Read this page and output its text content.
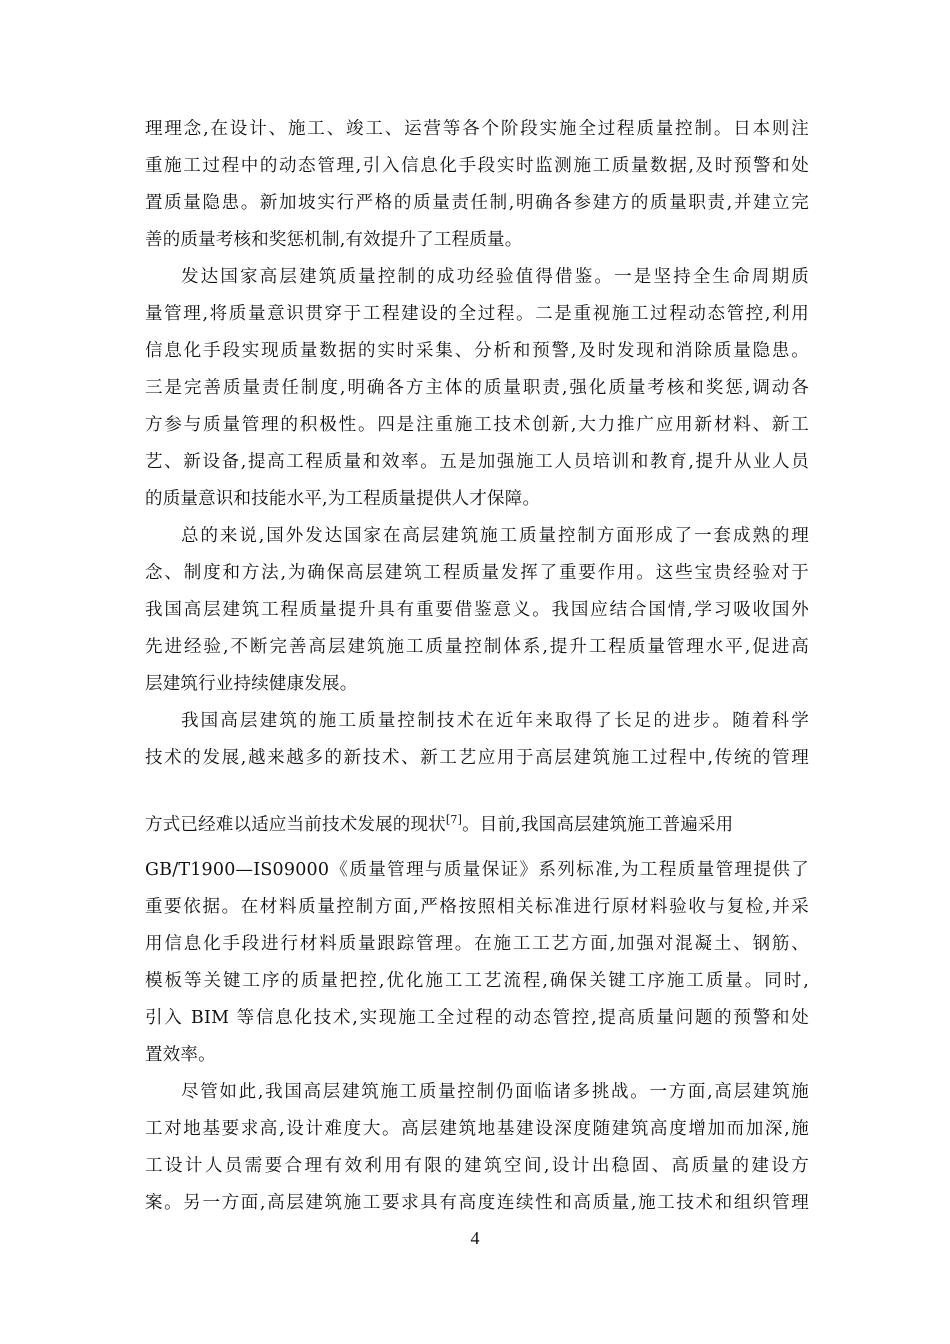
理理念,在设计、施工、竣工、运营等各个阶段实施全过程质量控制。日本则注
重施工过程中的动态管理,引入信息化手段实时监测施工质量数据,及时预警和处
置质量隐患。新加坡实行严格的质量责任制,明确各参建方的质量职责,并建立完
善的质量考核和奖惩机制,有效提升了工程质量。
发达国家高层建筑质量控制的成功经验值得借鉴。一是坚持全生命周期质
量管理,将质量意识贯穿于工程建设的全过程。二是重视施工过程动态管控,利用
信息化手段实现质量数据的实时采集、分析和预警,及时发现和消除质量隐患。
三是完善质量责任制度,明确各方主体的质量职责,强化质量考核和奖惩,调动各
方参与质量管理的积极性。四是注重施工技术创新,大力推广应用新材料、新工
艺、新设备,提高工程质量和效率。五是加强施工人员培训和教育,提升从业人员
的质量意识和技能水平,为工程质量提供人才保障。
总的来说,国外发达国家在高层建筑施工质量控制方面形成了一套成熟的理
念、制度和方法,为确保高层建筑工程质量发挥了重要作用。这些宝贵经验对于
我国高层建筑工程质量提升具有重要借鉴意义。我国应结合国情,学习吸收国外
先进经验,不断完善高层建筑施工质量控制体系,提升工程质量管理水平,促进高
层建筑行业持续健康发展。
我国高层建筑的施工质量控制技术在近年来取得了长足的进步。随着科学
技术的发展,越来越多的新技术、新工艺应用于高层建筑施工过程中,传统的管理
方式已经难以适应当前技术发展的现状[7]。目前,我国高层建筑施工普遍采用
GB/T1900—IS09000《质量管理与质量保证》系列标准,为工程质量管理提供了
重要依据。在材料质量控制方面,严格按照相关标准进行原材料验收与复检,并采
用信息化手段进行材料质量跟踪管理。在施工工艺方面,加强对混凝土、钢筋、
模板等关键工序的质量把控,优化施工工艺流程,确保关键工序施工质量。同时,
引入 BIM 等信息化技术,实现施工全过程的动态管控,提高质量问题的预警和处
置效率。
尽管如此,我国高层建筑施工质量控制仍面临诸多挑战。一方面,高层建筑施
工对地基要求高,设计难度大。高层建筑地基建设深度随建筑高度增加而加深,施
工设计人员需要合理有效利用有限的建筑空间,设计出稳固、高质量的建设方
案。另一方面,高层建筑施工要求具有高度连续性和高质量,施工技术和组织管理
4
